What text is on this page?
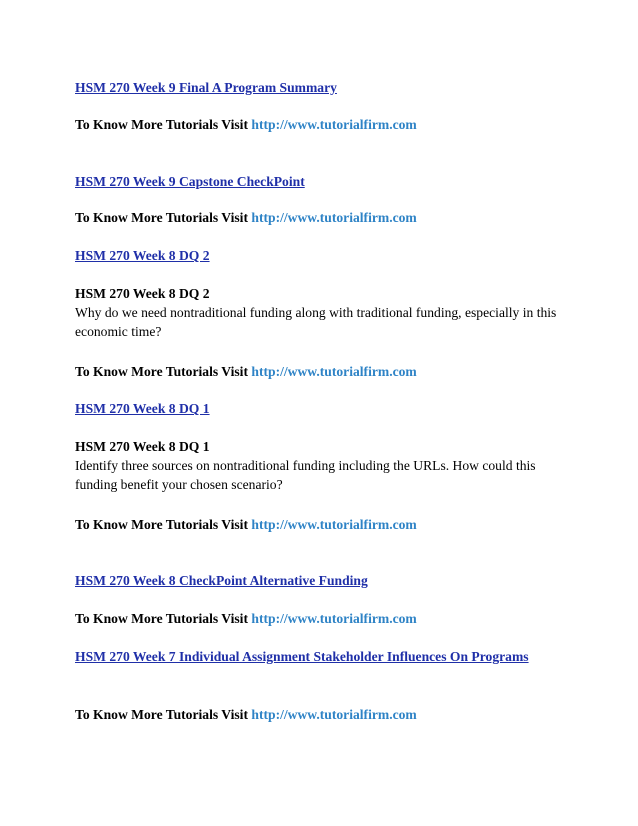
HSM 270 Week 9 Final A Program Summary
To Know More Tutorials Visit http://www.tutorialfirm.com
HSM 270 Week 9 Capstone CheckPoint
To Know More Tutorials Visit http://www.tutorialfirm.com
HSM 270 Week 8 DQ 2
HSM 270 Week 8 DQ 2
Why do we need nontraditional funding along with traditional funding, especially in this economic time?
To Know More Tutorials Visit http://www.tutorialfirm.com
HSM 270 Week 8 DQ 1
HSM 270 Week 8 DQ 1
Identify three sources on nontraditional funding including the URLs. How could this funding benefit your chosen scenario?
To Know More Tutorials Visit http://www.tutorialfirm.com
HSM 270 Week 8 CheckPoint Alternative Funding
To Know More Tutorials Visit http://www.tutorialfirm.com
HSM 270 Week 7 Individual Assignment Stakeholder Influences On Programs
To Know More Tutorials Visit http://www.tutorialfirm.com
